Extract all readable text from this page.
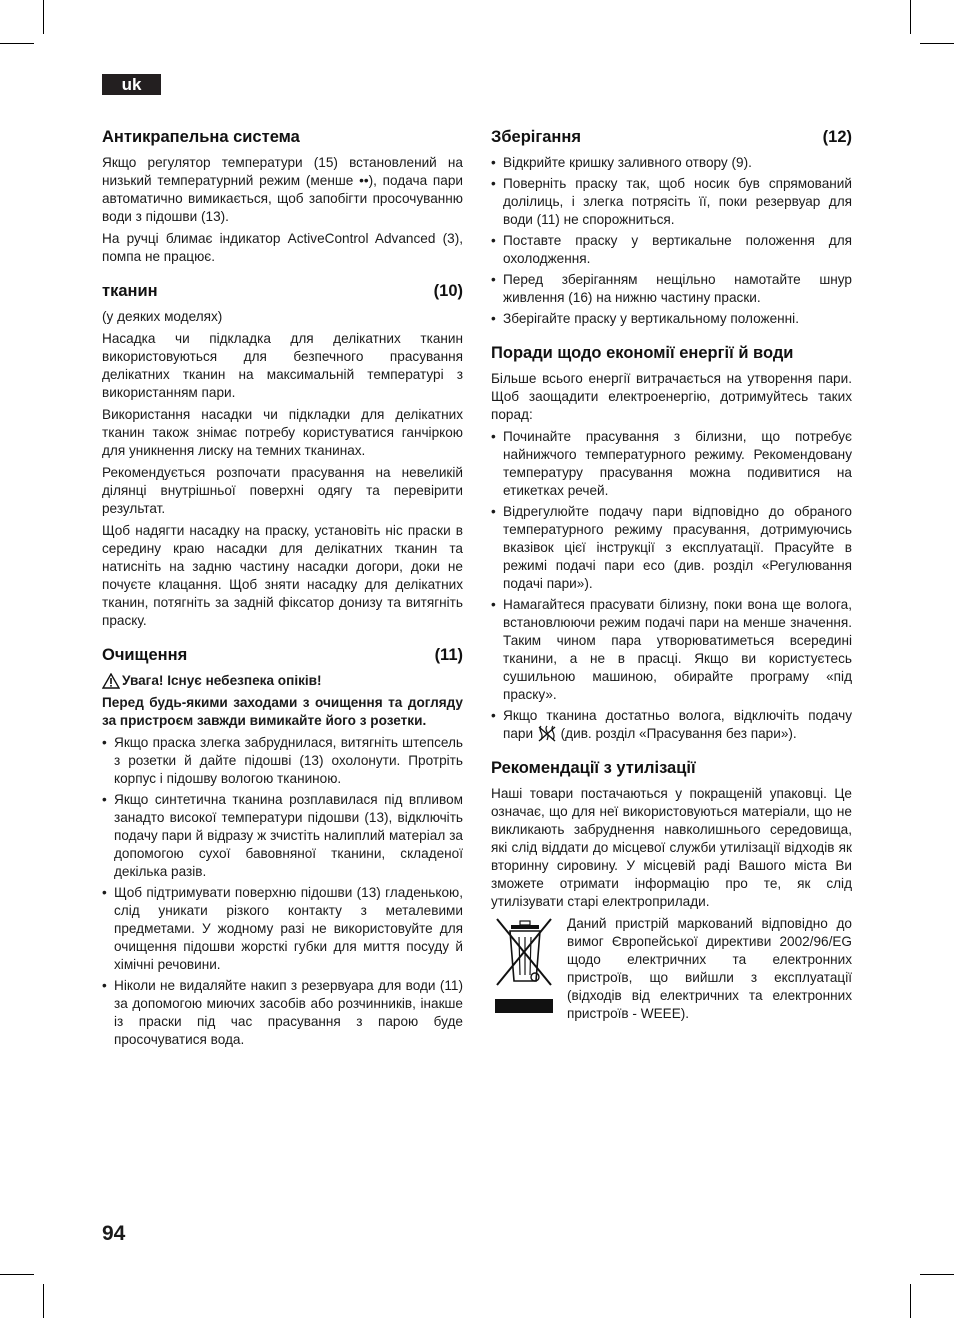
uk
Антикрапельна система

Якщо регулятор температури (15) встановлений на низький температурний режим (менше ••), подача пари автоматично вимикається, щоб запобігти просочуванню води з підошви (13).

На ручці блимає індикатор ActiveControl Advanced (3), помпа не працює.

тканин	(10)

(у деяких моделях)

Насадка чи підкладка для делікатних тканин використовуються для безпечного прасування делікатних тканин на максимальній температурі з використанням пари.

Використання насадки чи підкладки для делікатних тканин також знімає потребу користуватися ганчіркою для уникнення лиску на темних тканинах.

Рекомендується розпочати прасування на невеликій ділянці внутрішньої поверхні одягу та перевірити результат.

Щоб надягти насадку на праску, установіть ніс праски в середину краю насадки для делікатних тканин та натисніть на задню частину насадки догори, доки не почуєте клацання. Щоб зняти насадку для делікатних тканин, потягніть за задній фіксатор донизу та витягніть праску.

Очищення	(11)
Увага! Існує небезпека опіків!

Перед будь-якими заходами з очищення та догляду за пристроєм завжди вимикайте його з розетки.

• Якщо праска злегка забруднилася, витягніть штепсель з розетки й дайте підошві (13) охолонути. Протріть корпус і підошву вологою тканиною.
• Якщо синтетична тканина розплавилася під впливом занадто високої температури підошви (13), відключіть подачу пари й відразу ж зчистіть налиплий матеріал за допомогою сухої бавовняної тканини, складеної декілька разів.
• Щоб підтримувати поверхню підошви (13) гладенькою, слід уникати різкого контакту з металевими предметами. У жодному разі не використовуйте для очищення підошви жорсткі губки для миття посуду й хімічні речовини.
• Ніколи не видаляйте накип з резервуара для води (11) за допомогою миючих засобів або розчинників, інакше із праски під час прасування з парою буде просочуватися вода.
Зберігання	(12)
• Відкрийте кришку заливного отвору (9).
• Поверніть праску так, щоб носик був спрямований долілиць, і злегка потрясіть її, поки резервуар для води (11) не спорожниться.
• Поставте праску у вертикальне положення для охолодження.
• Перед зберіганням нещільно намотайте шнур живлення (16) на нижню частину праски.
• Зберігайте праску у вертикальному положенні.
Поради щодо економії енергії й води

Більше всього енергії витрачається на утворення пари. Щоб заощадити електроенергію, дотримуйтесь таких порад:

• Починайте прасування з білизни, що потребує найнижчого температурного режиму. Рекомендовану температуру прасування можна подивитися на етикетках речей.
• Відрегулюйте подачу пари відповідно до обраного температурного режиму прасування, дотримуючись вказівок цієї інструкції з експлуатації. Прасуйте в режимі подачі пари eco (див. розділ «Регулювання подачі пари»).
• Намагайтеся прасувати білизну, поки вона ще волога, встановлюючи режим подачі пари на менше значення. Таким чином пара утворюватиметься всередині тканини, а не в прасці. Якщо ви користуєтесь сушильною машиною, обирайте програму «під праску».
• Якщо тканина достатньо волога, відключіть подачу пари (див. розділ «Прасування без пари»).
Рекомендації з утилізації

Наші товари постачаються у покращеній упаковці. Це означає, що для неї використовуються матеріали, що не викликають забруднення навколишнього середовища, які слід віддати до місцевої служби утилізації відходів як вторинну сировину. У місцевій раді Вашого міста Ви зможете отримати інформацію про те, як слід утилізувати старі електроприлади.

Даний пристрій маркований відповідно до вимог Європейської директиви 2002/96/EG щодо електричних та електронних пристроїв, що вийшли з експлуатації (відходів від електричних та електронних пристроїв - WEEE).

94
